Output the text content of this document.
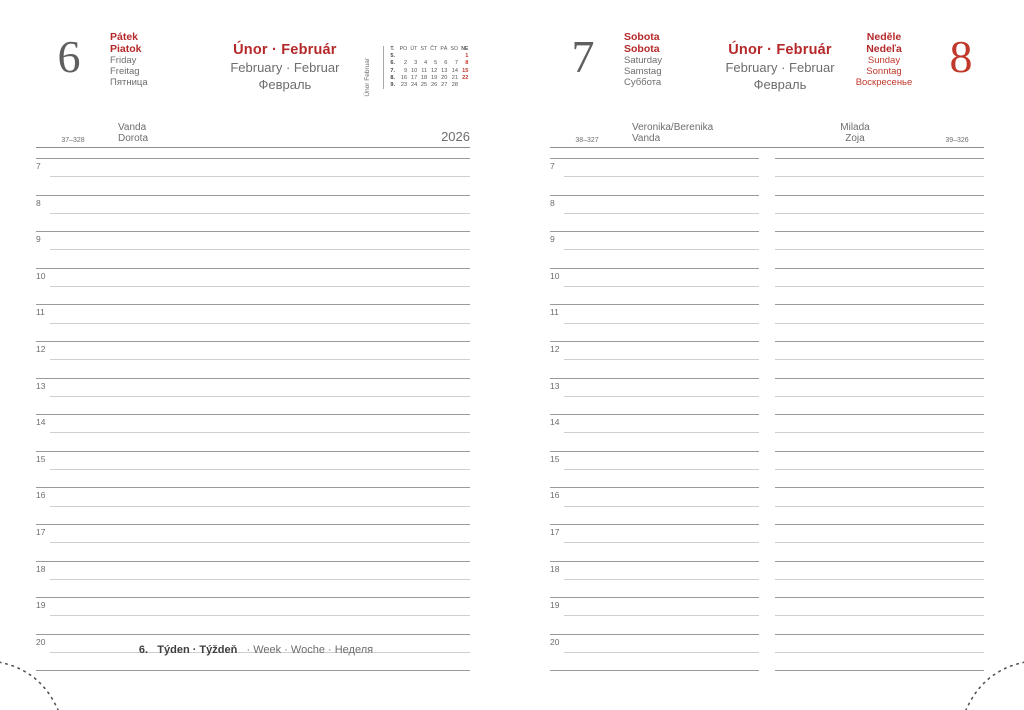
6	Pátek
Piatok
Friday
Freitag
Пятница
Únor · Február
February · Februar
Февраль	Únor Februar
T.	PO	ÚT	ST	ČT	PÁ	SO	NE
5.							1
6.	2	3	4	5	6	7	8
7.	9	10	11	12	13	14	15
8.	16	17	18	19	20	21	22
9.	23	24	25	26	27	28	
37–328
Vanda
Dorota	2026
7
8
9
10
11
12
13
14
15
16
17
18
19
20
6. Týden · Týždeň · Week · Woche · Неделя
7	Sobota
Sobota
Saturday
Samstag
Суббота
Únor · Február
February · Februar
Февраль
Neděle
Nedeľa
Sunday
Sonntag
Воскресенье
8
38–327
Veronika/Berenika
Vanda
Milada
Zoja	39–326
7
8
9
10
11
12
13
14
15
16
17
18
19
20
